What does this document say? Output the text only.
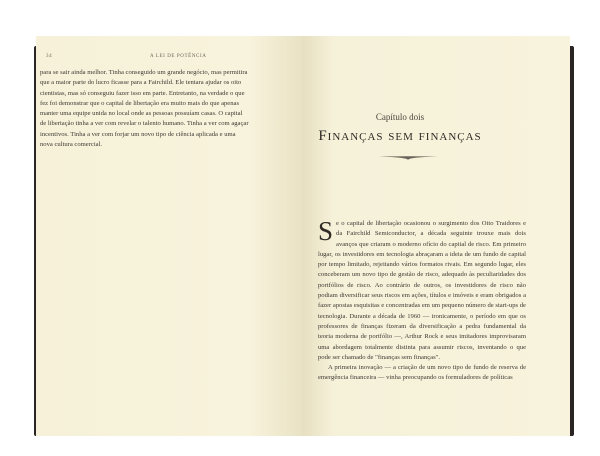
34	A LEI DE POTÊNCIA

para se sair ainda melhor. Tinha conseguido um grande negócio, mas permitira que a maior parte do lucro ficasse para a Fairchild. Ele tentara ajudar os oito cientistas, mas só conseguiu fazer isso em parte. Entretanto, na verdade o que fez foi demonstrar que o capital de libertação era muito mais do que apenas manter uma equipe unida no local onde as pessoas possuíam casas. O capital de libertação tinha a ver com revelar o talento humano. Tinha a ver com agaçar incentivos. Tinha a ver com forjar um novo tipo de ciência aplicada e uma nova cultura comercial.

Capítulo dois
Finanças sem finanças

Se o capital de libertação ocasionou o surgimento dos Oito Traidores e da Fairchild Semiconductor, a década seguinte trouxe mais dois avanços que criaram o moderno ofício do capital de risco. Em primeiro lugar, os investidores em tecnologia abraçaram a ideia de um fundo de capital por tempo limitado, rejeitando vários formatos rivais. Em segundo lugar, eles conceberam um novo tipo de gestão de risco, adequado às peculiaridades dos portfólios de risco. Ao contrário de outros, os investidores de risco não podiam diversificar seus riscos em ações, títulos e imóveis e eram obrigados a fazer apostas esquisitas e concentradas em um pequeno número de start-ups de tecnologia. Durante a década de 1960 — ironicamente, o período em que os professores de finanças fizeram da diversificação a pedra fundamental da teoria moderna de portfólio —, Arthur Rock e seus imitadores improvisaram uma abordagem totalmente distinta para assumir riscos, inventando o que pode ser chamado de "finanças sem finanças".

A primeira inovação — a criação de um novo tipo de fundo de reserva de emergência financeira — vinha preocupando os formuladores de políticas
